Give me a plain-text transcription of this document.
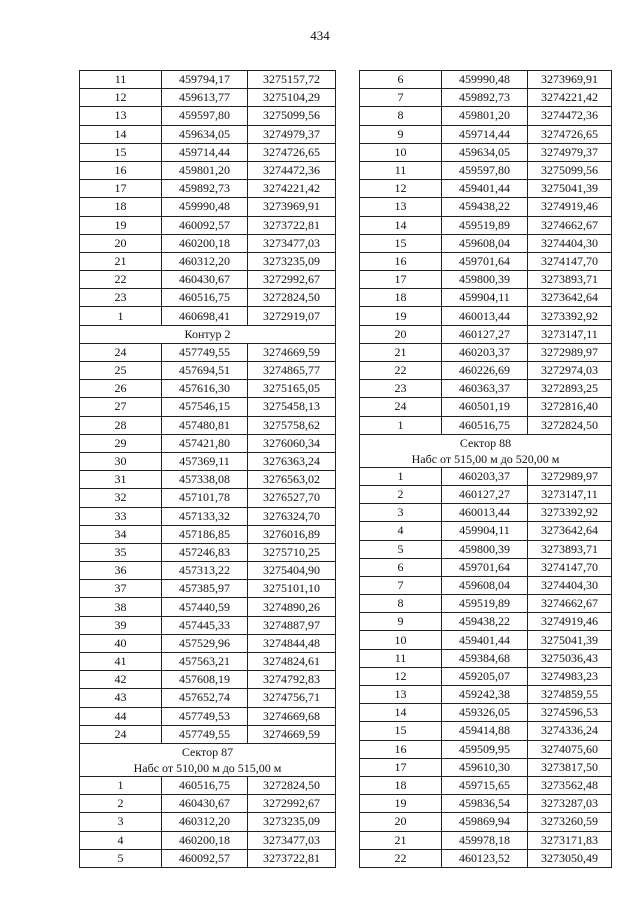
434
11	459794,17	3275157,72
12	459613,77	3275104,29
13	459597,80	3275099,56
14	459634,05	3274979,37
15	459714,44	3274726,65
16	459801,20	3274472,36
17	459892,73	3274221,42
18	459990,48	3273969,91
19	460092,57	3273722,81
20	460200,18	3273477,03
21	460312,20	3273235,09
22	460430,67	3272992,67
23	460516,75	3272824,50
1	460698,41	3272919,07

Контур 2		

24	457749,55	3274669,59
25	457694,51	3274865,77
26	457616,30	3275165,05
27	457546,15	3275458,13
28	457480,81	3275758,62
29	457421,80	3276060,34
30	457369,11	3276363,24
31	457338,08	3276563,02
32	457101,78	3276527,70
33	457133,32	3276324,70
34	457186,85	3276016,89
35	457246,83	3275710,25
36	457313,22	3275404,90
37	457385,97	3275101,10
38	457440,59	3274890,26
39	457445,33	3274887,97
40	457529,96	3274844,48
41	457563,21	3274824,61
42	457608,19	3274792,83
43	457652,74	3274756,71
44	457749,53	3274669,68
24	457749,55	3274669,59

Сектор 87
Набс от 510,00 м до 515,00 м		

1	460516,75	3272824,50
2	460430,67	3272992,67
3	460312,20	3273235,09
4	460200,18	3273477,03
5	460092,57	3273722,81
6	459990,48	3273969,91
7	459892,73	3274221,42
8	459801,20	3274472,36
9	459714,44	3274726,65
10	459634,05	3274979,37
11	459597,80	3275099,56
12	459401,44	3275041,39
13	459438,22	3274919,46
14	459519,89	3274662,67
15	459608,04	3274404,30
16	459701,64	3274147,70
17	459800,39	3273893,71
18	459904,11	3273642,64
19	460013,44	3273392,92
20	460127,27	3273147,11
21	460203,37	3272989,97
22	460226,69	3272974,03
23	460363,37	3272893,25
24	460501,19	3272816,40
1	460516,75	3272824,50

Сектор 88
Набс от 515,00 м до 520,00 м		

1	460203,37	3272989,97
2	460127,27	3273147,11
3	460013,44	3273392,92
4	459904,11	3273642,64
5	459800,39	3273893,71
6	459701,64	3274147,70
7	459608,04	3274404,30
8	459519,89	3274662,67
9	459438,22	3274919,46
10	459401,44	3275041,39
11	459384,68	3275036,43
12	459205,07	3274983,23
13	459242,38	3274859,55
14	459326,05	3274596,53
15	459414,88	3274336,24
16	459509,95	3274075,60
17	459610,30	3273817,50
18	459715,65	3273562,48
19	459836,54	3273287,03
20	459869,94	3273260,59
21	459978,18	3273171,83
22	460123,52	3273050,49
